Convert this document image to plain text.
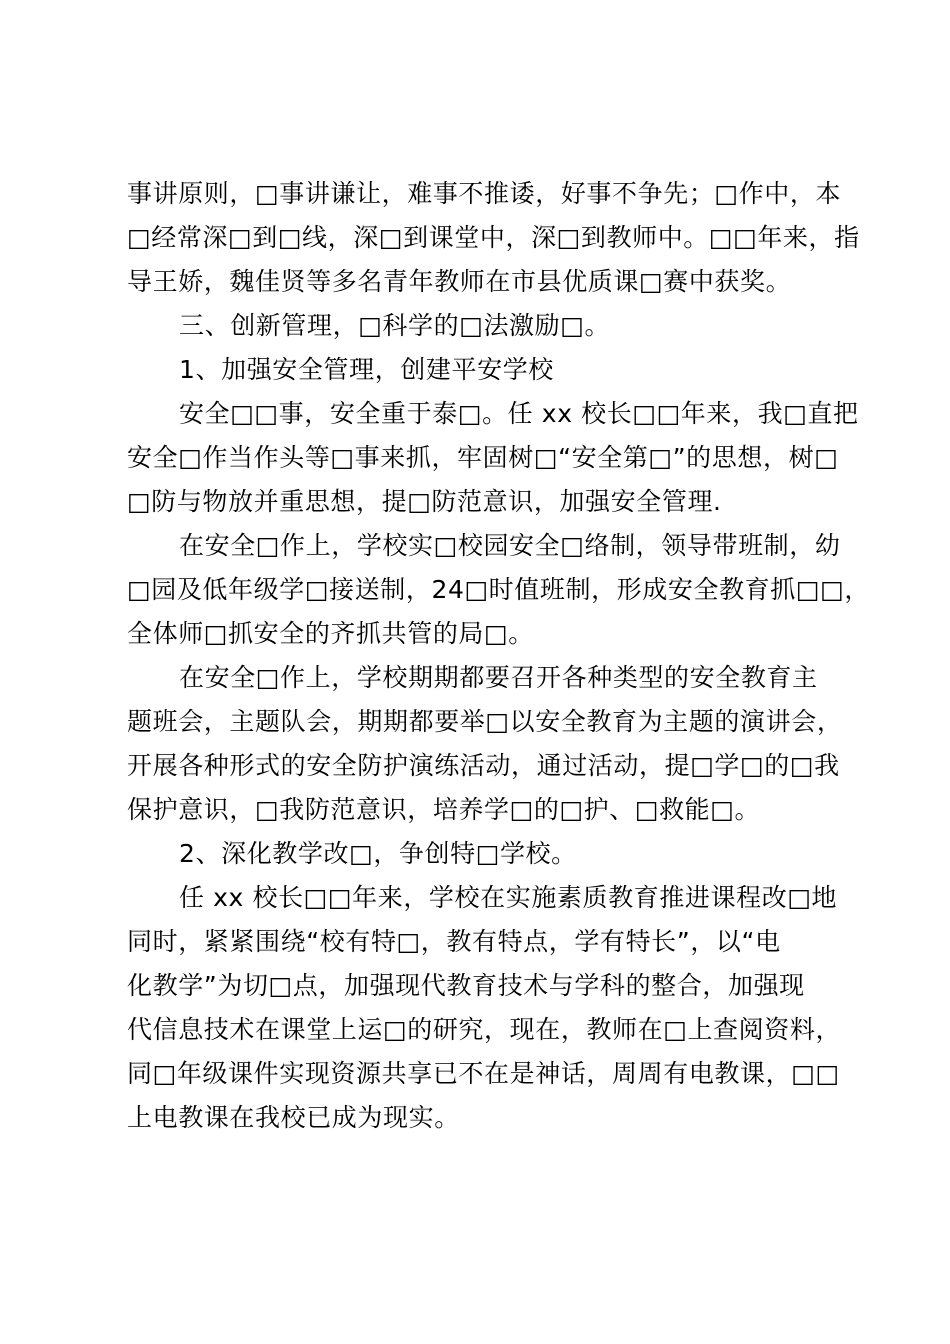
事讲原则，□事讲谦让，难事不推诿，好事不争先；□作中，本
□经常深□到□线，深□到课堂中，深□到教师中。□□年来，指
导王娇，魏佳贤等多名青年教师在市县优质课□赛中获奖。

三、创新管理，□科学的□法激励□。

1、加强安全管理，创建平安学校

安全□□事，安全重于泰□。任 xx 校长□□年来，我□直把
安全□作当作头等□事来抓，牢固树□“安全第□”的思想，树□
□防与物放并重思想，提□防范意识，加强安全管理.

在安全□作上，学校实□校园安全□络制，领导带班制，幼
□园及低年级学□接送制，24□时值班制，形成安全教育抓□□，
全体师□抓安全的齐抓共管的局□。

在安全□作上，学校期期都要召开各种类型的安全教育主
题班会，主题队会，期期都要举□以安全教育为主题的演讲会，
开展各种形式的安全防护演练活动，通过活动，提□学□的□我
保护意识，□我防范意识，培养学□的□护、□救能□。

2、深化教学改□，争创特□学校。

任 xx 校长□□年来，学校在实施素质教育推进课程改□地
同时，紧紧围绕“校有特□，教有特点，学有特长”，以“电
化教学”为切□点，加强现代教育技术与学科的整合，加强现
代信息技术在课堂上运□的研究，现在，教师在□上查阅资料，
同□年级课件实现资源共享已不在是神话，周周有电教课，□□
上电教课在我校已成为现实。
